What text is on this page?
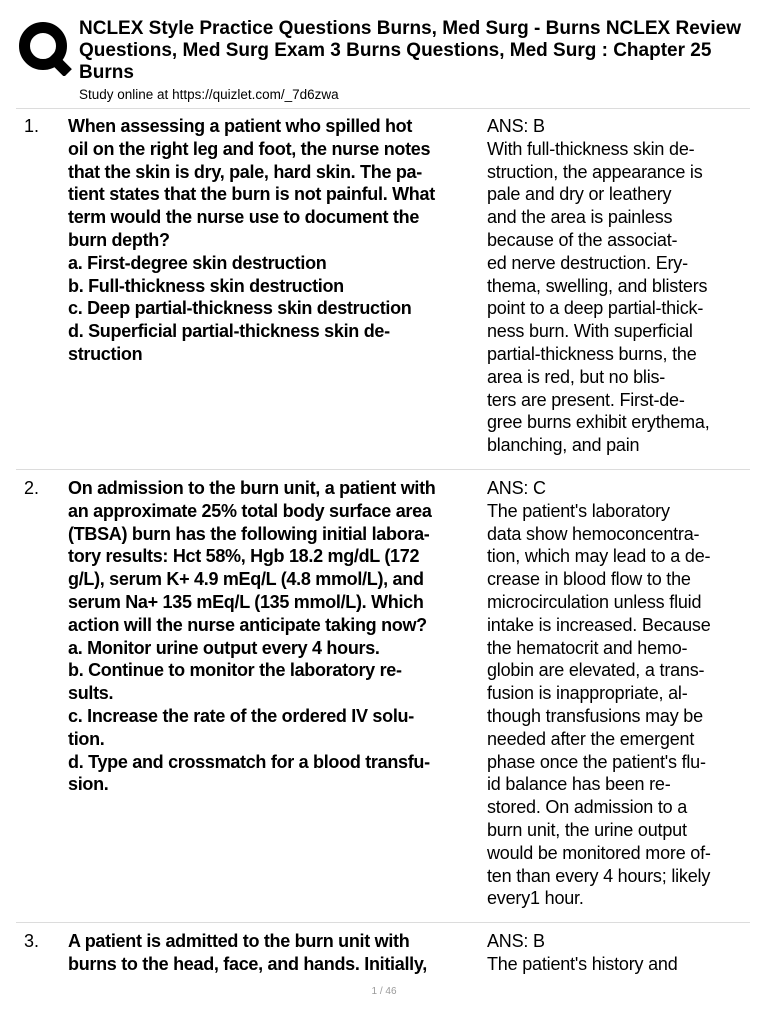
NCLEX Style Practice Questions Burns, Med Surg - Burns NCLEX Review
Questions, Med Surg Exam 3 Burns Questions, Med Surg : Chapter 25
Burns
Study online at https://quizlet.com/_7d6zwa
1. When assessing a patient who spilled hot
oil on the right leg and foot, the nurse notes
that the skin is dry, pale, hard skin. The pa-
tient states that the burn is not painful. What
term would the nurse use to document the
burn depth?
a. First-degree skin destruction
b. Full-thickness skin destruction
c. Deep partial-thickness skin destruction
d. Superficial partial-thickness skin de-
struction
ANS: B
With full-thickness skin de-
struction, the appearance is
pale and dry or leathery
and the area is painless
because of the associat-
ed nerve destruction. Ery-
thema, swelling, and blisters
point to a deep partial-thick-
ness burn. With superficial
partial-thickness burns, the
area is red, but no blis-
ters are present. First-de-
gree burns exhibit erythema,
blanching, and pain
2. On admission to the burn unit, a patient with
an approximate 25% total body surface area
(TBSA) burn has the following initial labora-
tory results: Hct 58%, Hgb 18.2 mg/dL (172
g/L), serum K+ 4.9 mEq/L (4.8 mmol/L), and
serum Na+ 135 mEq/L (135 mmol/L). Which
action will the nurse anticipate taking now?
a. Monitor urine output every 4 hours.
b. Continue to monitor the laboratory re-
sults.
c. Increase the rate of the ordered IV solu-
tion.
d. Type and crossmatch for a blood transfu-
sion.
ANS: C
The patient's laboratory
data show hemoconcentra-
tion, which may lead to a de-
crease in blood flow to the
microcirculation unless fluid
intake is increased. Because
the hematocrit and hemo-
globin are elevated, a trans-
fusion is inappropriate, al-
though transfusions may be
needed after the emergent
phase once the patient's flu-
id balance has been re-
stored. On admission to a
burn unit, the urine output
would be monitored more of-
ten than every 4 hours; likely
every1 hour.
3. A patient is admitted to the burn unit with
burns to the head, face, and hands. Initially,
ANS: B
The patient's history and
1 / 46
